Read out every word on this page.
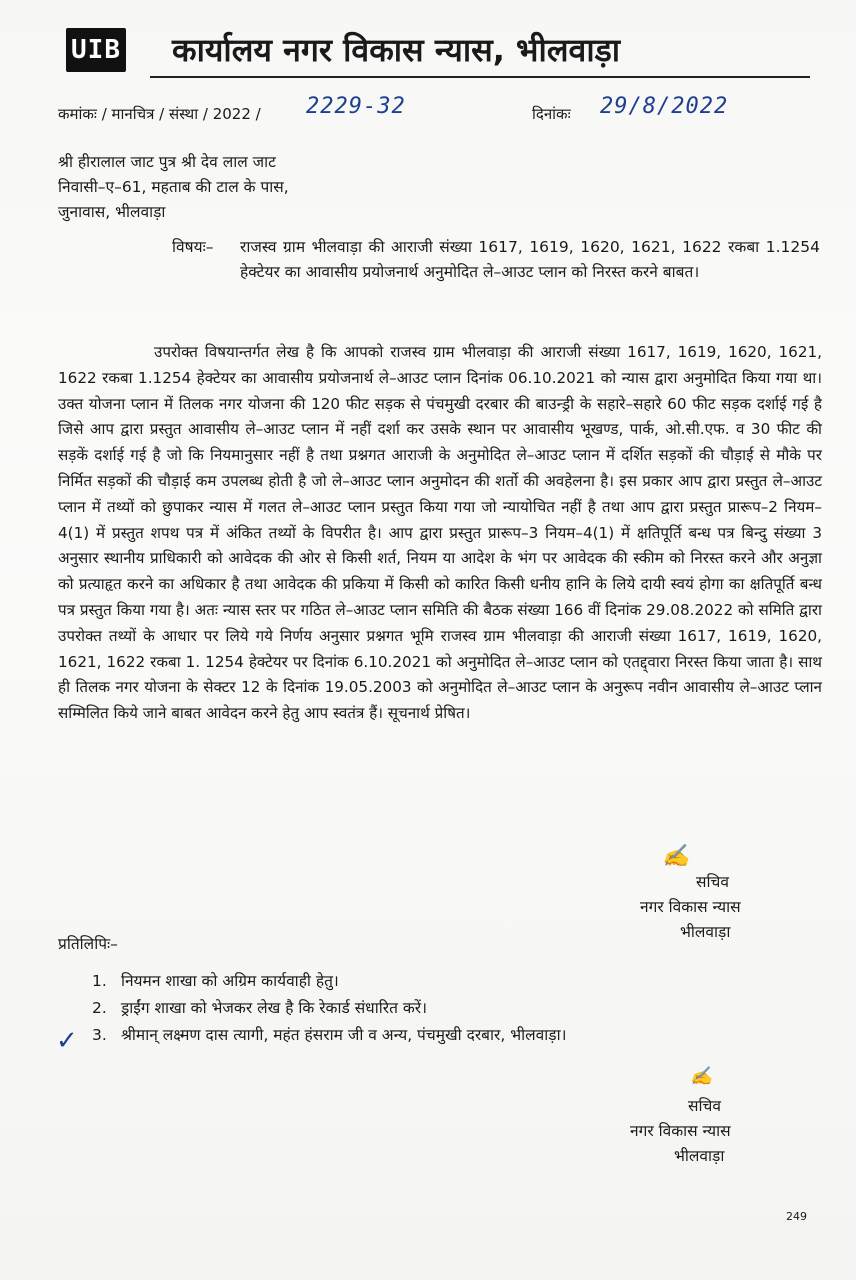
UIB कार्यालय नगर विकास न्यास, भीलवाड़ा
कमांकः / मानचित्र / संस्था / 2022 / 2229-32	दिनांकः 29/8/2022
श्री हीरालाल जाट पुत्र श्री देव लाल जाट
निवासी–ए–61, महताब की टाल के पास,
जुनावास, भीलवाड़ा
विषयः– राजस्व ग्राम भीलवाड़ा की आराजी संख्या 1617, 1619, 1620, 1621, 1622 रकबा 1.1254 हेक्टेयर का आवासीय प्रयोजनार्थ अनुमोदित ले–आउट प्लान को निरस्त करने बाबत।
उपरोक्त विषयान्तर्गत लेख है कि आपको राजस्व ग्राम भीलवाड़ा की आराजी संख्या 1617, 1619, 1620, 1621, 1622 रकबा 1.1254 हेक्टेयर का आवासीय प्रयोजनार्थ ले–आउट प्लान दिनांक 06.10.2021 को न्यास द्वारा अनुमोदित किया गया था। उक्त योजना प्लान में तिलक नगर योजना की 120 फीट सड़क से पंचमुखी दरबार की बाउन्ड्री के सहारे–सहारे 60 फीट सड़क दर्शाई गई है जिसे आप द्वारा प्रस्तुत आवासीय ले–आउट प्लान में नहीं दर्शा कर उसके स्थान पर आवासीय भूखण्ड, पार्क, ओ.सी.एफ. व 30 फीट की सड़कें दर्शाई गई है जो कि नियमानुसार नहीं है तथा प्रश्नगत आराजी के अनुमोदित ले–आउट प्लान में दर्शित सड़कों की चौड़ाई से मौके पर निर्मित सड़कों की चौड़ाई कम उपलब्ध होती है जो ले–आउट प्लान अनुमोदन की शर्तो की अवहेलना है। इस प्रकार आप द्वारा प्रस्तुत ले–आउट प्लान में तथ्यों को छुपाकर न्यास में गलत ले–आउट प्लान प्रस्तुत किया गया जो न्यायोचित नहीं है तथा आप द्वारा प्रस्तुत प्रारूप–2 नियम–4(1) में प्रस्तुत शपथ पत्र में अंकित तथ्यों के विपरीत है। आप द्वारा प्रस्तुत प्रारूप–3 नियम–4(1) में क्षतिपूर्ति बन्ध पत्र बिन्दु संख्या 3 अनुसार स्थानीय प्राधिकारी को आवेदक की ओर से किसी शर्त, नियम या आदेश के भंग पर आवेदक की स्कीम को निरस्त करने और अनुज्ञा को प्रत्याहृत करने का अधिकार है तथा आवेदक की प्रकिया में किसी को कारित किसी धनीय हानि के लिये दायी स्वयं होगा का क्षतिपूर्ति बन्ध पत्र प्रस्तुत किया गया है। अतः न्यास स्तर पर गठित ले–आउट प्लान समिति की बैठक संख्या 166 वीं दिनांक 29.08.2022 को समिति द्वारा उपरोक्त तथ्यों के आधार पर लिये गये निर्णय अनुसार प्रश्नगत भूमि राजस्व ग्राम भीलवाड़ा की आराजी संख्या 1617, 1619, 1620, 1621, 1622 रकबा 1. 1254 हेक्टेयर पर दिनांक 6.10.2021 को अनुमोदित ले–आउट प्लान को एतद्द्वारा निरस्त किया जाता है। साथ ही तिलक नगर योजना के सेक्टर 12 के दिनांक 19.05.2003 को अनुमोदित ले–आउट प्लान के अनुरूप नवीन आवासीय ले–आउट प्लान सम्मिलित किये जाने बाबत आवेदन करने हेतु आप स्वतंत्र हैं। सूचनार्थ प्रेषित।
✍
सचिव
नगर विकास न्यास
भीलवाड़ा
प्रतिलिपिः–
✓
1. नियमन शाखा को अग्रिम कार्यवाही हेतु।
2. ड्राईंग शाखा को भेजकर लेख है कि रेकार्ड संधारित करें।
3. श्रीमान् लक्ष्मण दास त्यागी, महंत हंसराम जी व अन्य, पंचमुखी दरबार, भीलवाड़ा।
✍
सचिव
नगर विकास न्यास
भीलवाड़ा
249
